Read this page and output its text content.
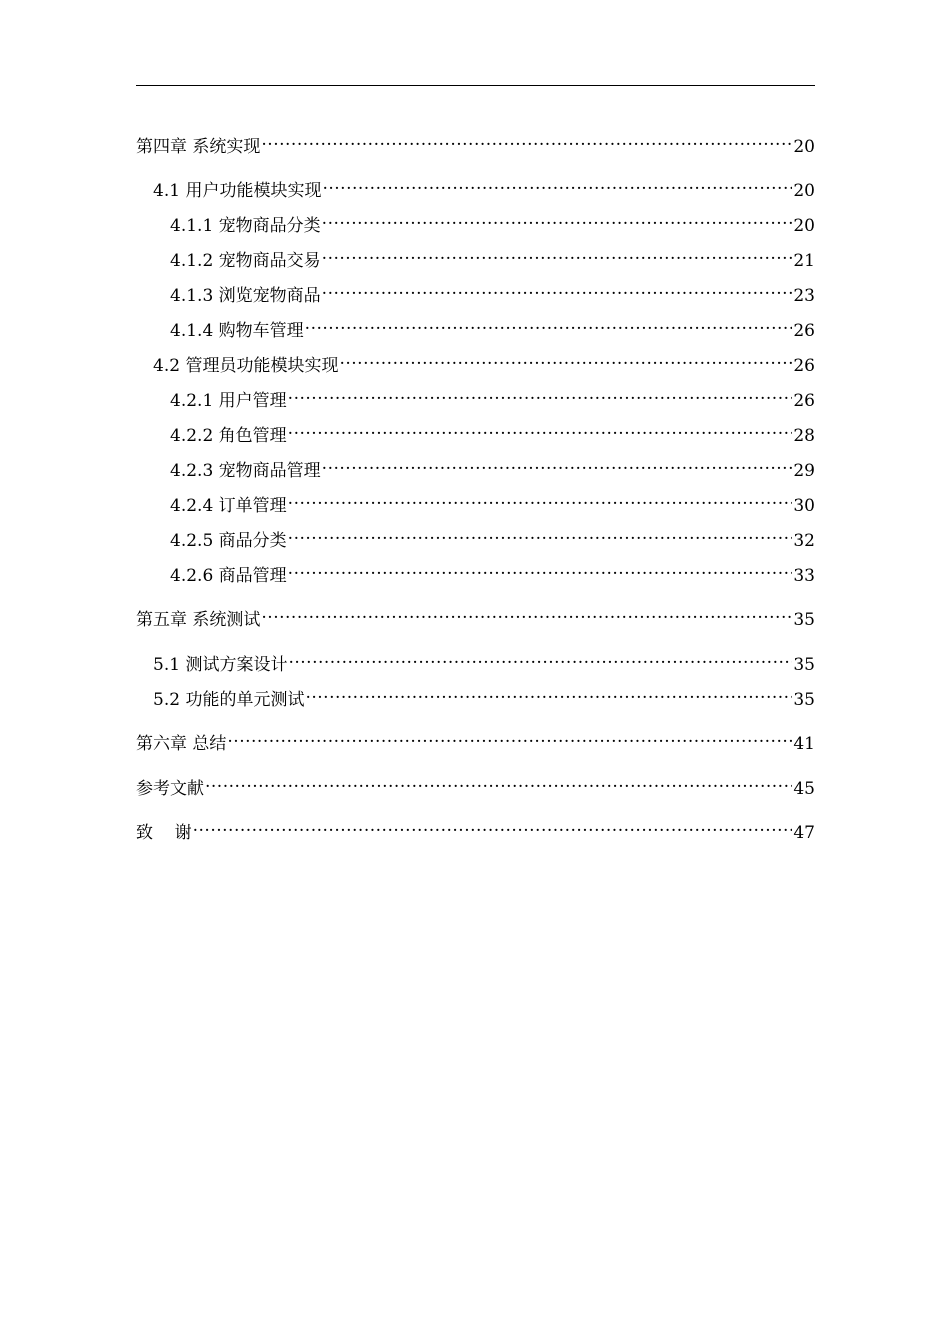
第四章 系统实现 .....	20
4.1 用户功能模块实现 .....	20
4.1.1 宠物商品分类 .....	20
4.1.2 宠物商品交易 .....	21
4.1.3 浏览宠物商品 .....	23
4.1.4 购物车管理 .....	26
4.2 管理员功能模块实现 .....	26
4.2.1 用户管理 .....	26
4.2.2 角色管理 .....	28
4.2.3 宠物商品管理 .....	29
4.2.4 订单管理 .....	30
4.2.5 商品分类 .....	32
4.2.6 商品管理 .....	33
第五章 系统测试 .....	35
5.1 测试方案设计 .....	35
5.2 功能的单元测试 .....	35
第六章 总结 .....	41
参考文献 .....	45
致    谢 .....	47
